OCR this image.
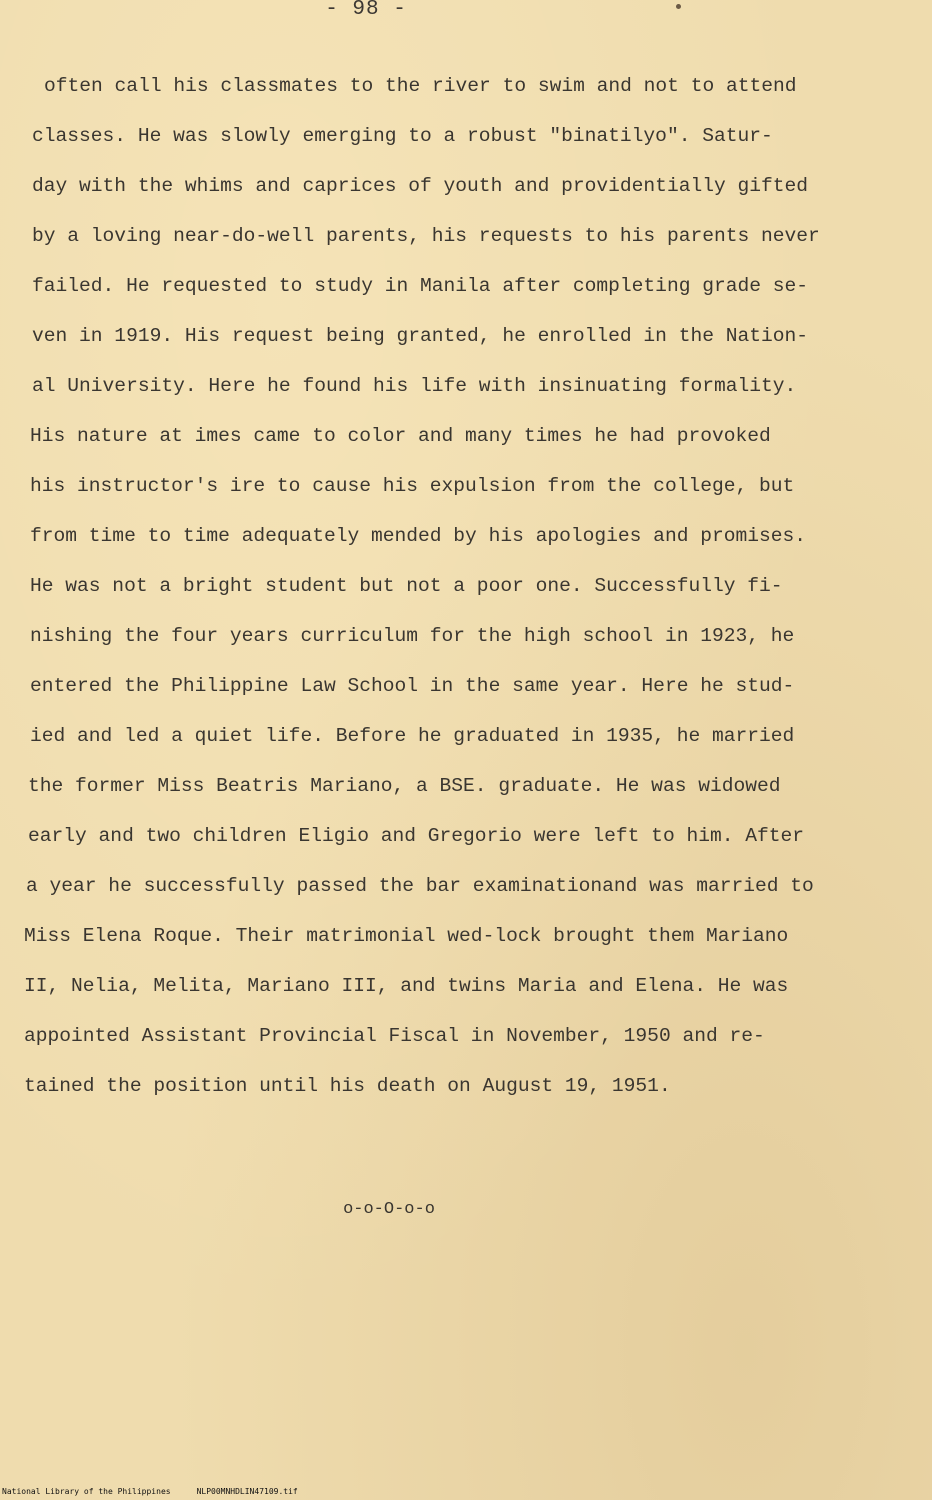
- 98 -
often call his classmates to the river to swim and not to attend
classes. He was slowly emerging to a robust "binatilyo". Satur-
day with the whims and caprices of youth and providentially gifted
by a loving near-do-well parents, his requests to his parents never
failed. He requested to study in Manila after completing grade se-
ven in 1919. His request being granted, he enrolled in the Nation-
al University. Here he found his life with insinuating formality.
His nature at imes came to color and many times he had provoked
his instructor's ire to cause his expulsion from the college, but
from time to time adequately mended by his apologies and promises.
He was not a bright student but not a poor one. Successfully fi-
nishing the four years curriculum for the high school in 1923, he
entered the Philippine Law School in the same year. Here he stud-
ied and led a quiet life. Before he graduated in 1935, he married
the former Miss Beatris Mariano, a BSE. graduate. He was widowed
early and two children Eligio and Gregorio were left to him. After
a year he successfully passed the bar examinationand was married to
Miss Elena Roque. Their matrimonial wed-lock brought them Mariano
II, Nelia, Melita, Mariano III, and twins Maria and Elena. He was
appointed Assistant Provincial Fiscal in November, 1950 and re-
tained the position until his death on August 19, 1951.
o-o-O-o-o
National Library of the Philippines	NLP00MNHDLIN47109.tif
